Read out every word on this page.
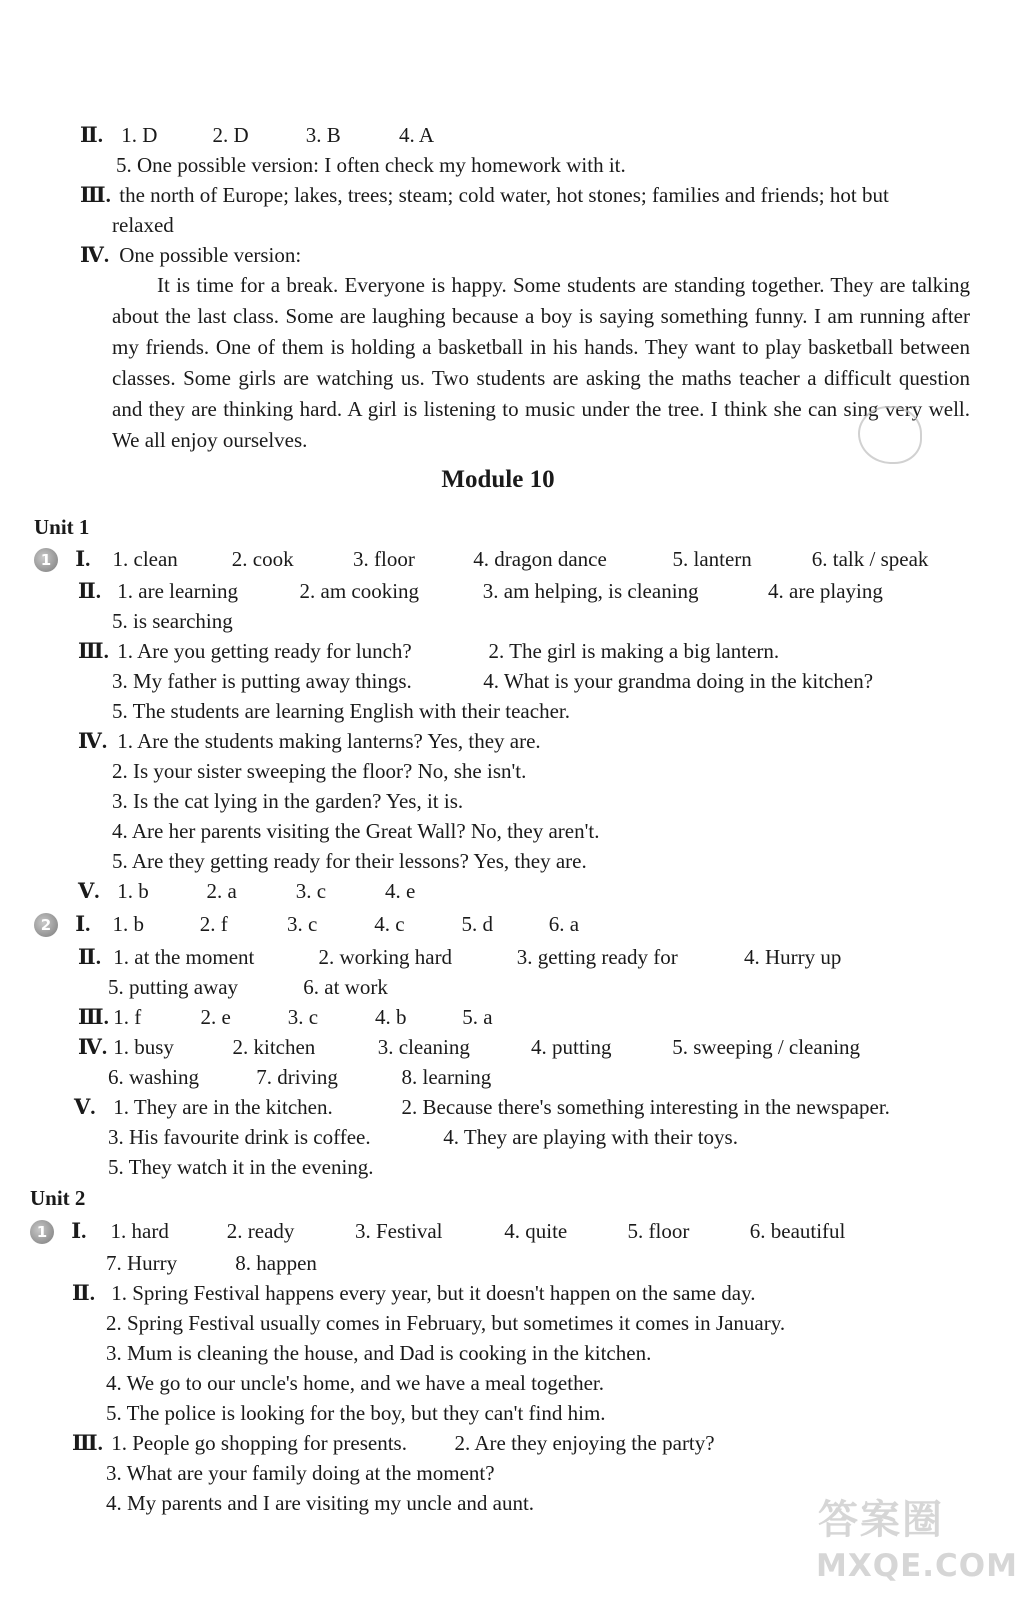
Ⅱ. 1. D	2. D	3. B	4. A
5. One possible version: I often check my homework with it.
Ⅲ. the north of Europe; lakes, trees; steam; cold water, hot stones; families and friends; hot but
relaxed
Ⅳ. One possible version:
It is time for a break. Everyone is happy. Some students are standing together. They are talking about the last class. Some are laughing because a boy is saying something funny. I am running after my friends. One of them is holding a basketball in his hands. They want to play basketball between classes. Some girls are watching us. Two students are asking the maths teacher a difficult question and they are thinking hard. A girl is listening to music under the tree. I think she can sing very well. We all enjoy ourselves.
Module 10
Unit 1
1 Ⅰ. 1. clean	2. cook	3. floor	4. dragon dance	5. lantern	6. talk / speak
Ⅱ. 1. are learning	2. am cooking	3. am helping, is cleaning	4. are playing
5. is searching
Ⅲ. 1. Are you getting ready for lunch?	2. The girl is making a big lantern.
3. My father is putting away things.	4. What is your grandma doing in the kitchen?
5. The students are learning English with their teacher.
Ⅳ. 1. Are the students making lanterns? Yes, they are.
2. Is your sister sweeping the floor? No, she isn't.
3. Is the cat lying in the garden? Yes, it is.
4. Are her parents visiting the Great Wall? No, they aren't.
5. Are they getting ready for their lessons? Yes, they are.
Ⅴ. 1. b	2. a	3. c	4. e
2 Ⅰ. 1. b	2. f	3. c	4. c	5. d	6. a
Ⅱ. 1. at the moment	2. working hard	3. getting ready for	4. Hurry up
5. putting away	6. at work
Ⅲ. 1. f	2. e	3. c	4. b	5. a
Ⅳ. 1. busy	2. kitchen	3. cleaning	4. putting	5. sweeping / cleaning
6. washing	7. driving	8. learning
Ⅴ. 1. They are in the kitchen.	2. Because there's something interesting in the newspaper.
3. His favourite drink is coffee.	4. They are playing with their toys.
5. They watch it in the evening.
Unit 2
1 Ⅰ. 1. hard	2. ready	3. Festival	4. quite	5. floor	6. beautiful
7. Hurry	8. happen
Ⅱ. 1. Spring Festival happens every year, but it doesn't happen on the same day.
2. Spring Festival usually comes in February, but sometimes it comes in January.
3. Mum is cleaning the house, and Dad is cooking in the kitchen.
4. We go to our uncle's home, and we have a meal together.
5. The police is looking for the boy, but they can't find him.
Ⅲ. 1. People go shopping for presents. 2. Are they enjoying the party?
3. What are your family doing at the moment?
4. My parents and I are visiting my uncle and aunt.	答案圈
MXQE.COM
